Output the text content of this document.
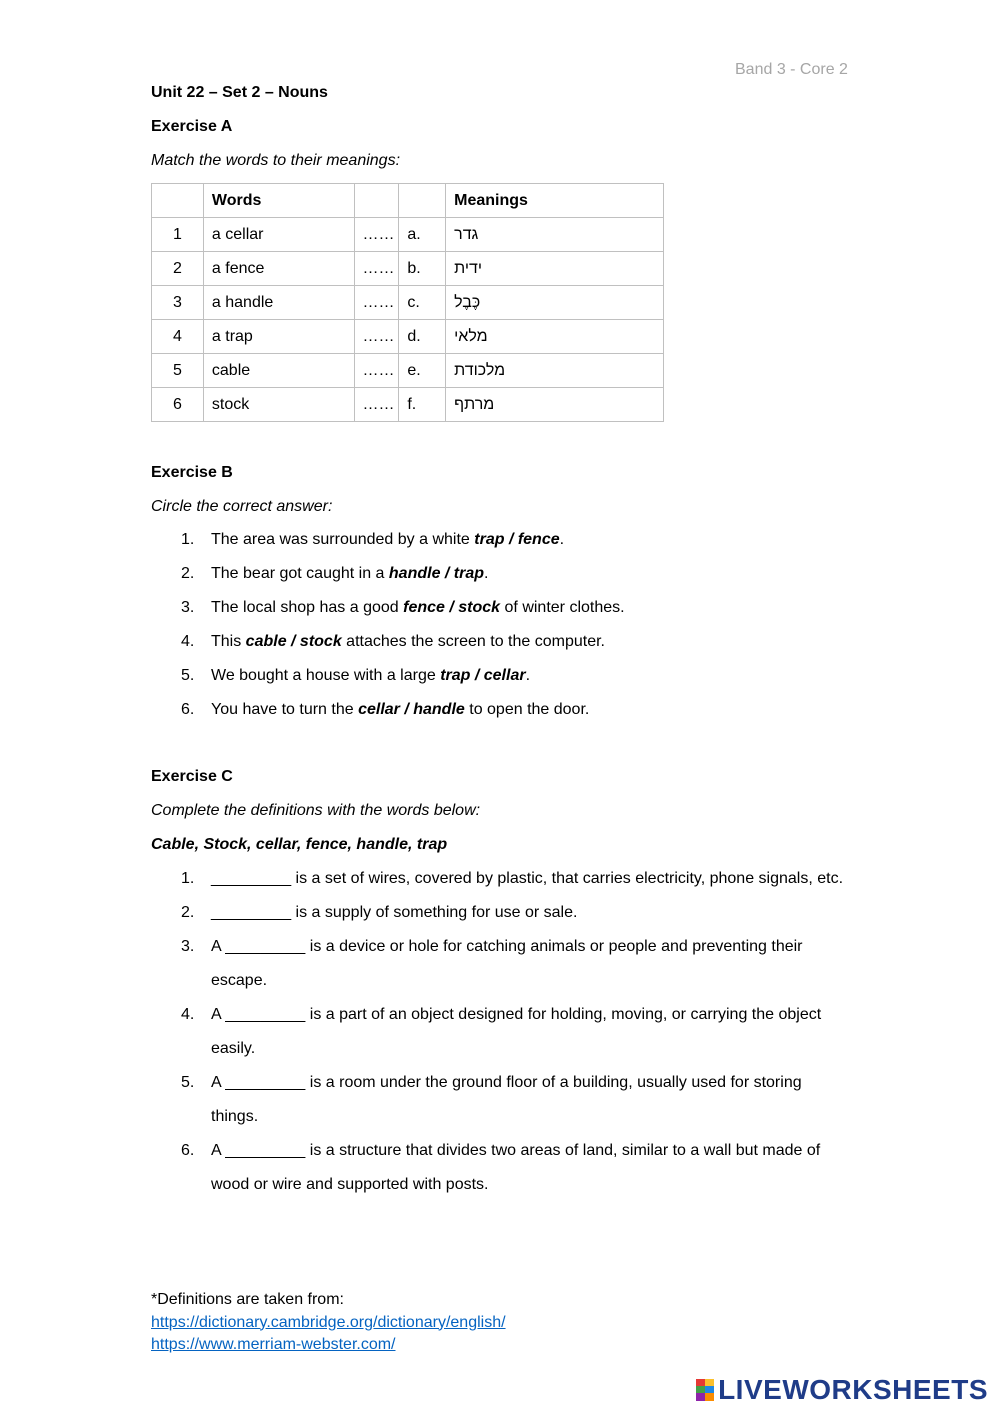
Band 3 - Core 2
Unit 22 – Set 2 – Nouns
Exercise A
Match the words to their meanings:
	Words			Meanings
1	a cellar	……	a.	גדר
2	a fence	……	b.	ידית
3	a handle	……	c.	כֶּבֶל
4	a trap	……	d.	מלאי
5	cable	……	e.	מלכודת
6	stock	……	f.	מרתף
Exercise B
Circle the correct answer:
1. The area was surrounded by a white trap / fence.
2. The bear got caught in a handle / trap.
3. The local shop has a good fence / stock of winter clothes.
4. This cable / stock attaches the screen to the computer.
5. We bought a house with a large trap / cellar.
6. You have to turn the cellar / handle to open the door.
Exercise C
Complete the definitions with the words below:
Cable, Stock, cellar, fence, handle, trap
1. _________ is a set of wires, covered by plastic, that carries electricity, phone signals, etc.
2. _________ is a supply of something for use or sale.
3. A _________ is a device or hole for catching animals or people and preventing their escape.
4. A _________ is a part of an object designed for holding, moving, or carrying the object easily.
5. A _________ is a room under the ground floor of a building, usually used for storing things.
6. A _________ is a structure that divides two areas of land, similar to a wall but made of wood or wire and supported with posts.
*Definitions are taken from:
https://dictionary.cambridge.org/dictionary/english/
https://www.merriam-webster.com/
LIVEWORKSHEETS
